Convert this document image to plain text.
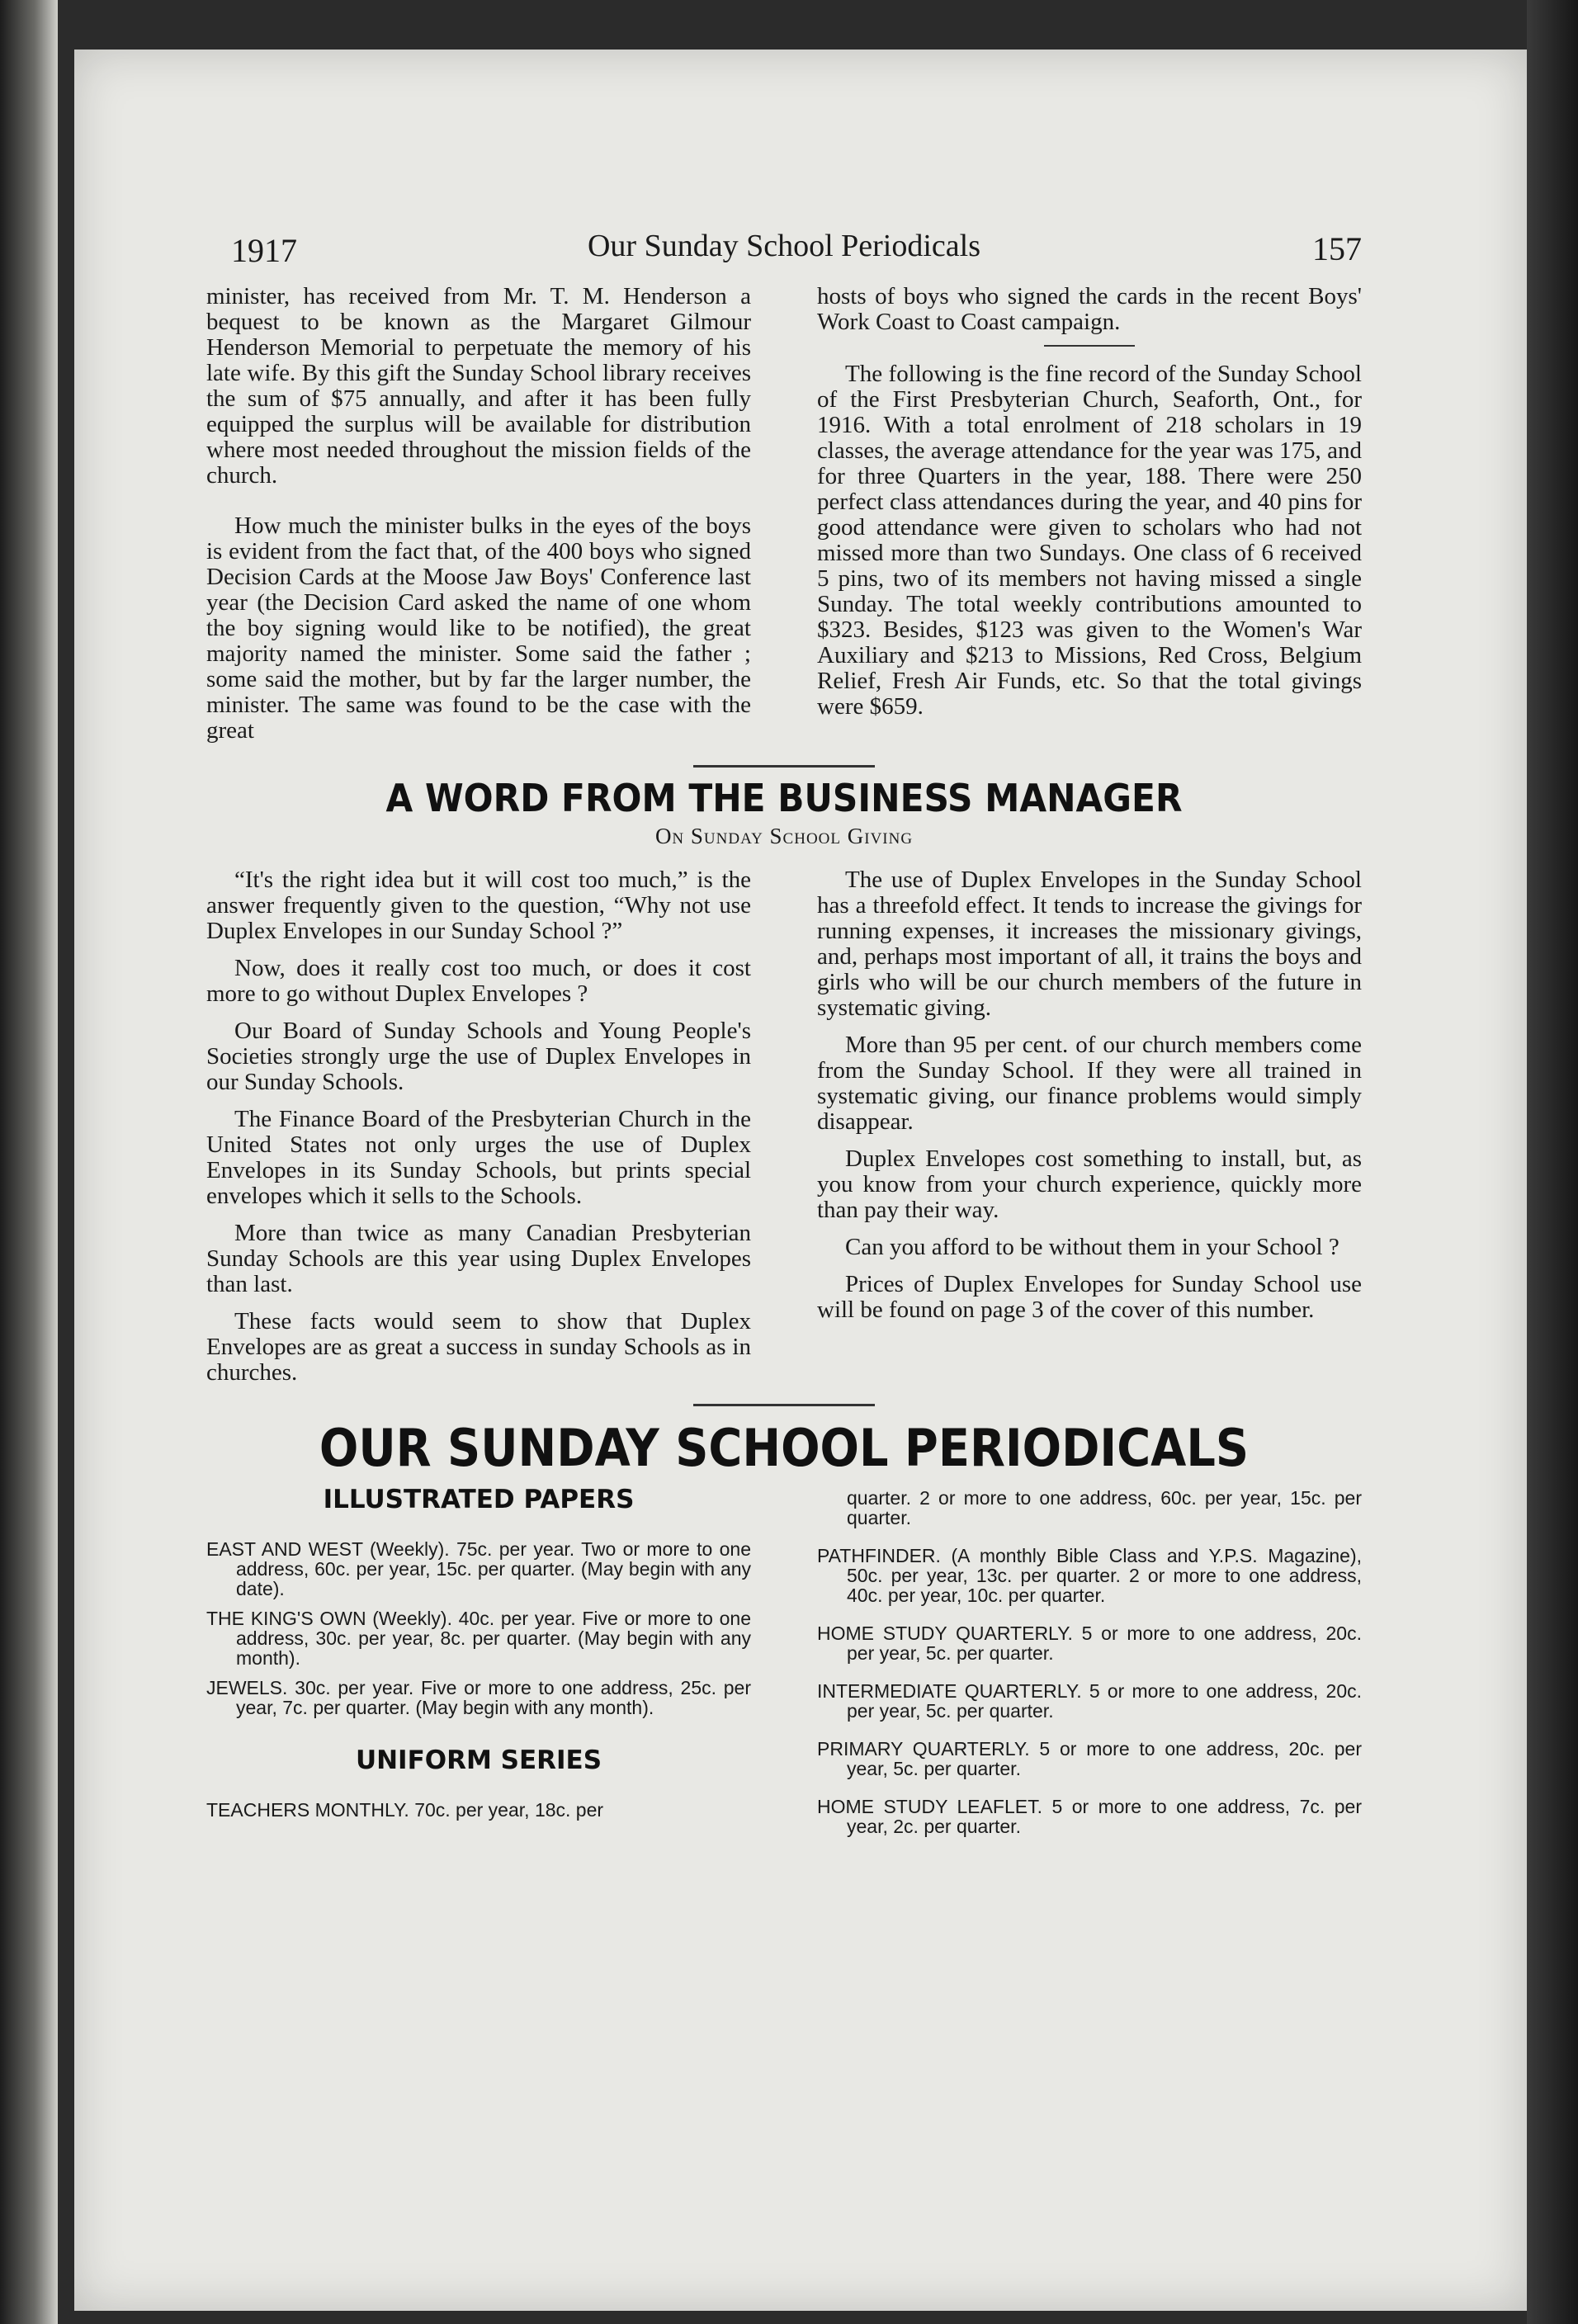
1917	Our Sunday School Periodicals	157

minister, has received from Mr. T. M. Henderson a bequest to be known as the Margaret Gilmour Henderson Memorial to perpetuate the memory of his late wife. By this gift the Sunday School library receives the sum of $75 annually, and after it has been fully equipped the surplus will be available for distribution where most needed throughout the mission fields of the church.

How much the minister bulks in the eyes of the boys is evident from the fact that, of the 400 boys who signed Decision Cards at the Moose Jaw Boys' Conference last year (the Decision Card asked the name of one whom the boy signing would like to be notified), the great majority named the minister. Some said the father ; some said the mother, but by far the larger number, the minister. The same was found to be the case with the great

hosts of boys who signed the cards in the recent Boys' Work Coast to Coast campaign.

The following is the fine record of the Sunday School of the First Presbyterian Church, Seaforth, Ont., for 1916. With a total enrolment of 218 scholars in 19 classes, the average attendance for the year was 175, and for three Quarters in the year, 188. There were 250 perfect class attendances during the year, and 40 pins for good attendance were given to scholars who had not missed more than two Sundays. One class of 6 received 5 pins, two of its members not having missed a single Sunday. The total weekly contributions amounted to $323. Besides, $123 was given to the Women's War Auxiliary and $213 to Missions, Red Cross, Belgium Relief, Fresh Air Funds, etc. So that the total givings were $659.

A WORD FROM THE BUSINESS MANAGER
On Sunday School Giving

“It's the right idea but it will cost too much,” is the answer frequently given to the question, “Why not use Duplex Envelopes in our Sunday School ?”

Now, does it really cost too much, or does it cost more to go without Duplex Envelopes ?

Our Board of Sunday Schools and Young People's Societies strongly urge the use of Duplex Envelopes in our Sunday Schools.

The Finance Board of the Presbyterian Church in the United States not only urges the use of Duplex Envelopes in its Sunday Schools, but prints special envelopes which it sells to the Schools.

More than twice as many Canadian Presbyterian Sunday Schools are this year using Duplex Envelopes than last.

These facts would seem to show that Duplex Envelopes are as great a success in sunday Schools as in churches.

The use of Duplex Envelopes in the Sunday School has a threefold effect. It tends to increase the givings for running expenses, it increases the missionary givings, and, perhaps most important of all, it trains the boys and girls who will be our church members of the future in systematic giving.

More than 95 per cent. of our church members come from the Sunday School. If they were all trained in systematic giving, our finance problems would simply disappear.

Duplex Envelopes cost something to install, but, as you know from your church experience, quickly more than pay their way.

Can you afford to be without them in your School ?

Prices of Duplex Envelopes for Sunday School use will be found on page 3 of the cover of this number.

OUR SUNDAY SCHOOL PERIODICALS
ILLUSTRATED PAPERS

EAST AND WEST (Weekly). 75c. per year. Two or more to one address, 60c. per year, 15c. per quarter. (May begin with any date).

THE KING'S OWN (Weekly). 40c. per year. Five or more to one address, 30c. per year, 8c. per quarter. (May begin with any month).

JEWELS. 30c. per year. Five or more to one address, 25c. per year, 7c. per quarter. (May begin with any month).

UNIFORM SERIES

TEACHERS MONTHLY. 70c. per year, 18c. per

quarter. 2 or more to one address, 60c. per year, 15c. per quarter.

PATHFINDER. (A monthly Bible Class and Y.P.S. Magazine), 50c. per year, 13c. per quarter. 2 or more to one address, 40c. per year, 10c. per quarter.

HOME STUDY QUARTERLY. 5 or more to one address, 20c. per year, 5c. per quarter.

INTERMEDIATE QUARTERLY. 5 or more to one address, 20c. per year, 5c. per quarter.

PRIMARY QUARTERLY. 5 or more to one address, 20c. per year, 5c. per quarter.

HOME STUDY LEAFLET. 5 or more to one address, 7c. per year, 2c. per quarter.
